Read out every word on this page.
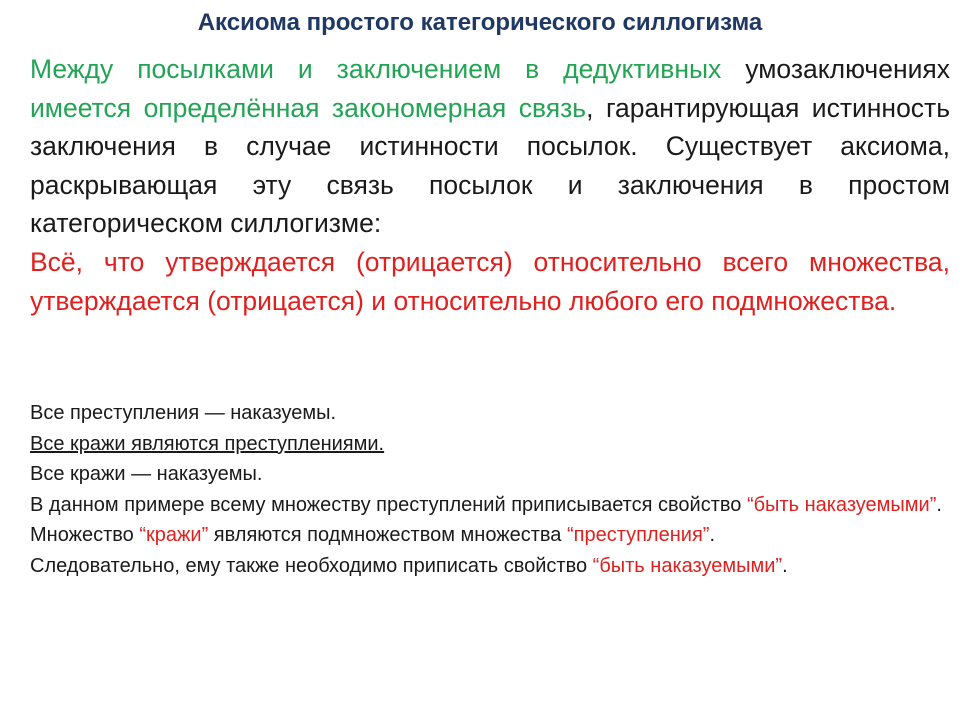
Аксиома простого категорического силлогизма

Между посылками и заключением в дедуктивных умозаключениях имеется определённая закономерная связь, гарантирующая истинность заключения в случае истинности посылок. Существует аксиома, раскрывающая эту связь посылок и заключения в простом категорическом силлогизме:

Всё, что утверждается (отрицается) относительно всего множества, утверждается (отрицается) и относительно любого его подмножества.

Все преступления — наказуемы.

Все кражи являются преступлениями.

Все кражи — наказуемы.

В данном примере всему множеству преступлений приписывается свойство “быть наказуемыми”.

Множество “кражи” являются подмножеством множества “преступления”.

Следовательно, ему также необходимо приписать свойство “быть наказуемыми”.
